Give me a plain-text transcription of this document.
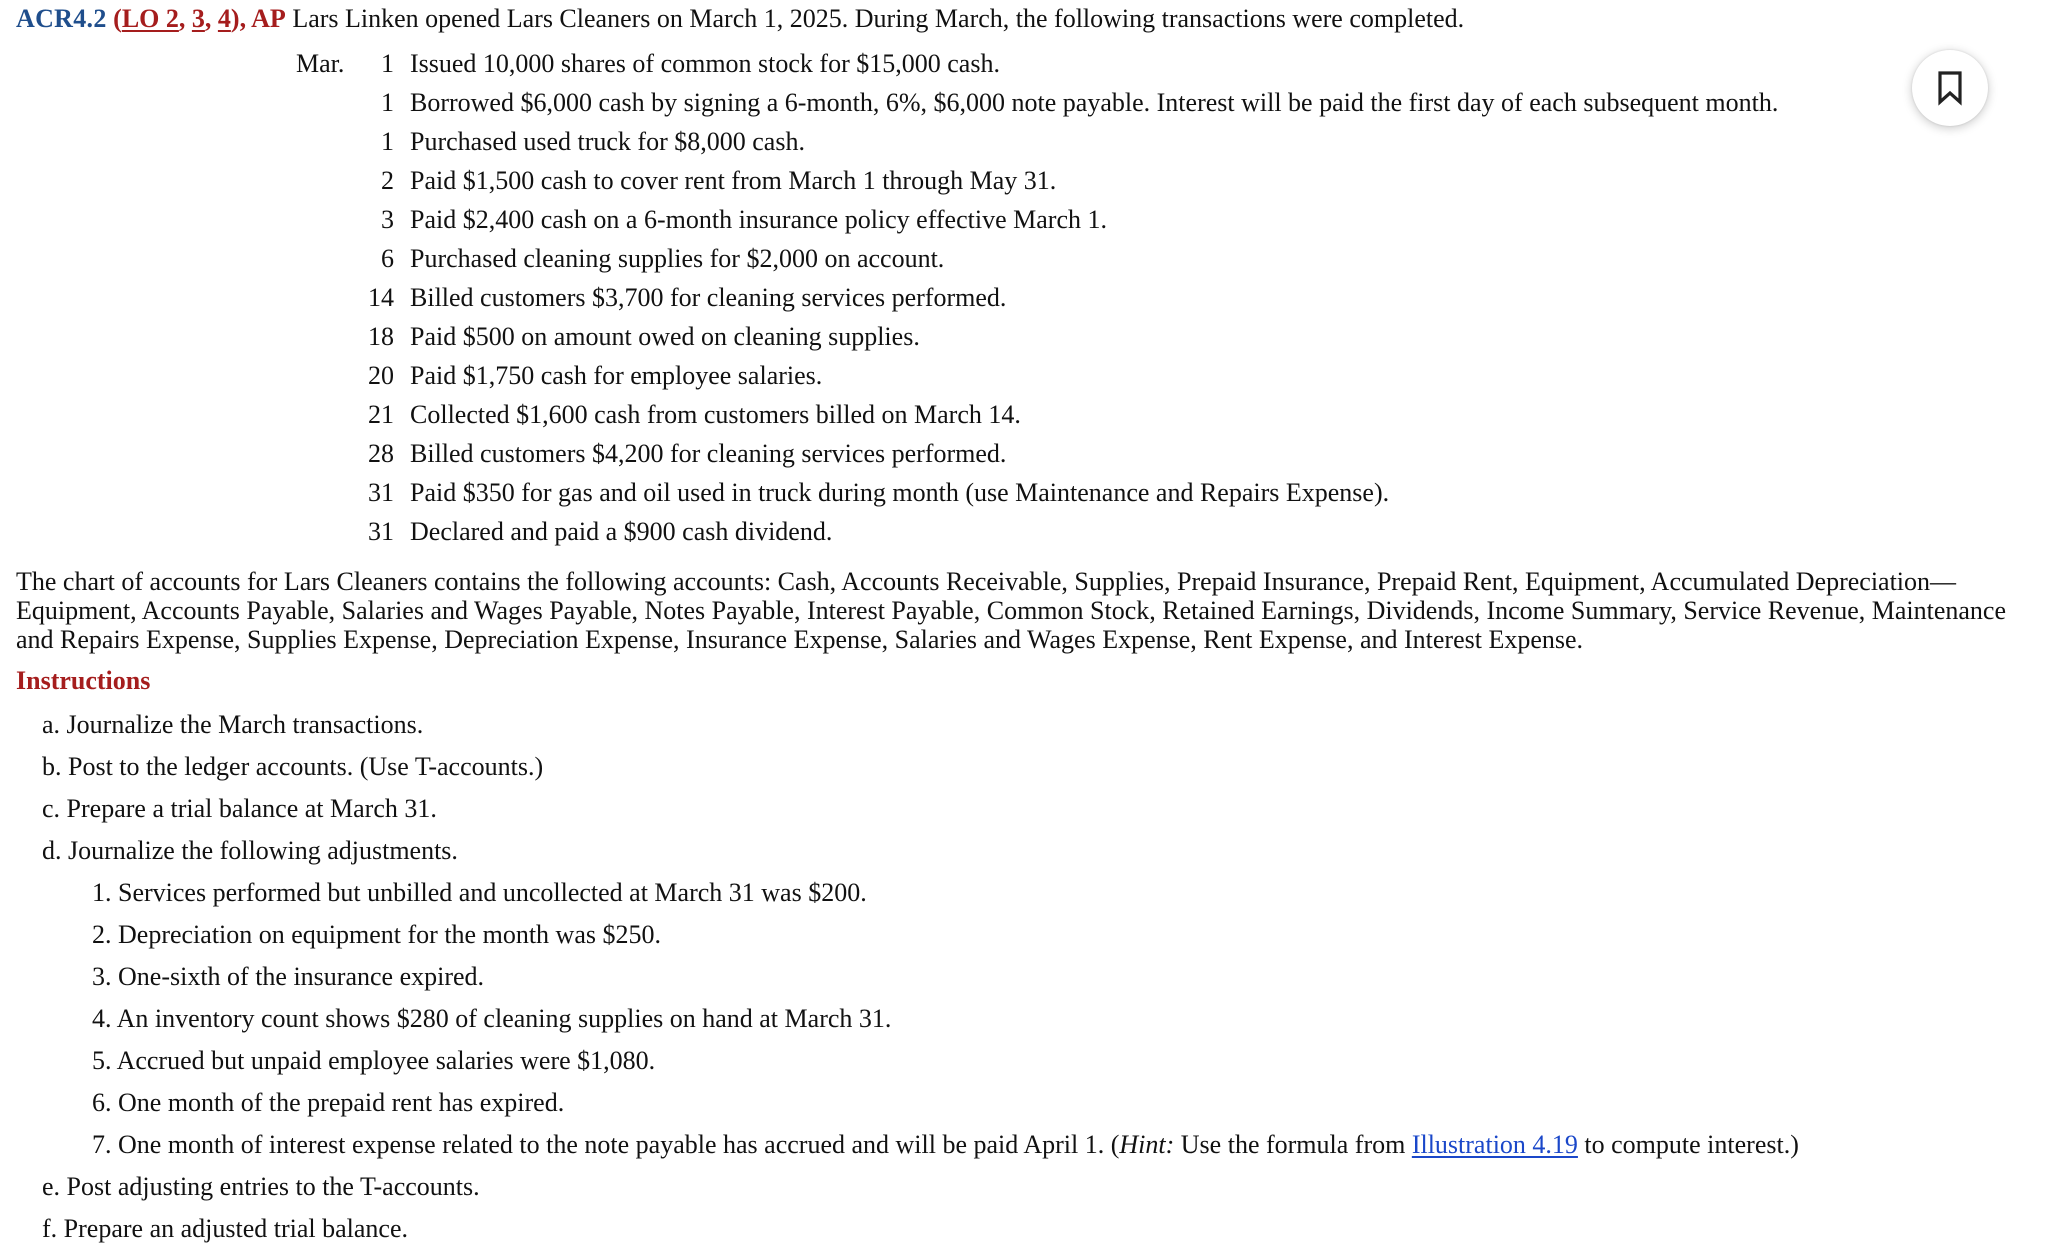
ACR4.2 (LO 2, 3, 4), AP Lars Linken opened Lars Cleaners on March 1, 2025. During March, the following transactions were completed.
Mar.	1	Issued 10,000 shares of common stock for $15,000 cash.
	1	Borrowed $6,000 cash by signing a 6-month, 6%, $6,000 note payable. Interest will be paid the first day of each subsequent month.
	1	Purchased used truck for $8,000 cash.
	2	Paid $1,500 cash to cover rent from March 1 through May 31.
	3	Paid $2,400 cash on a 6-month insurance policy effective March 1.
	6	Purchased cleaning supplies for $2,000 on account.
	14	Billed customers $3,700 for cleaning services performed.
	18	Paid $500 on amount owed on cleaning supplies.
	20	Paid $1,750 cash for employee salaries.
	21	Collected $1,600 cash from customers billed on March 14.
	28	Billed customers $4,200 for cleaning services performed.
	31	Paid $350 for gas and oil used in truck during month (use Maintenance and Repairs Expense).
	31	Declared and paid a $900 cash dividend.
The chart of accounts for Lars Cleaners contains the following accounts: Cash, Accounts Receivable, Supplies, Prepaid Insurance, Prepaid Rent, Equipment, Accumulated Depreciation—Equipment, Accounts Payable, Salaries and Wages Payable, Notes Payable, Interest Payable, Common Stock, Retained Earnings, Dividends, Income Summary, Service Revenue, Maintenance and Repairs Expense, Supplies Expense, Depreciation Expense, Insurance Expense, Salaries and Wages Expense, Rent Expense, and Interest Expense.
Instructions
a. Journalize the March transactions.
b. Post to the ledger accounts. (Use T-accounts.)
c. Prepare a trial balance at March 31.
d. Journalize the following adjustments.
1. Services performed but unbilled and uncollected at March 31 was $200.
2. Depreciation on equipment for the month was $250.
3. One-sixth of the insurance expired.
4. An inventory count shows $280 of cleaning supplies on hand at March 31.
5. Accrued but unpaid employee salaries were $1,080.
6. One month of the prepaid rent has expired.
7. One month of interest expense related to the note payable has accrued and will be paid April 1. (Hint: Use the formula from Illustration 4.19 to compute interest.)
e. Post adjusting entries to the T-accounts.
f. Prepare an adjusted trial balance.
